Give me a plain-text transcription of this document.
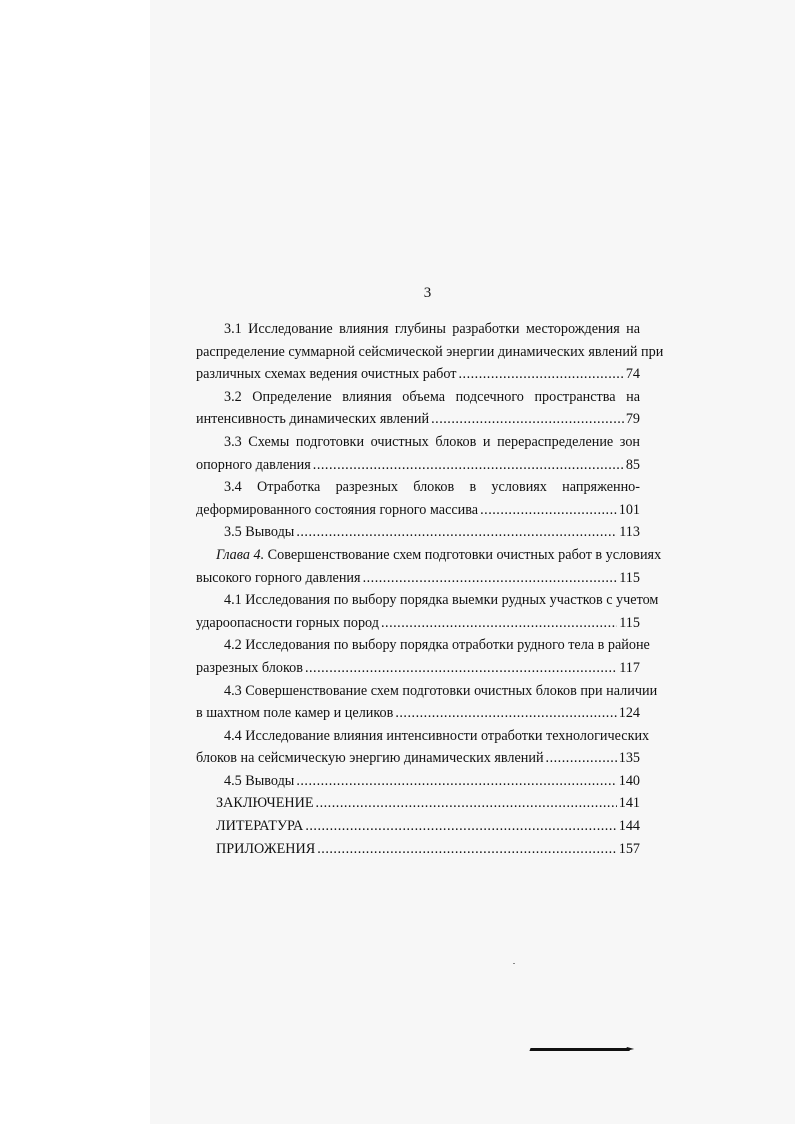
3
3.1 Исследование влияния глубины разработки месторождения на
распределение суммарной сейсмической энергии динамических явлений при
различных схемах ведения очистных работ .....	74
3.2 Определение влияния объема подсечного пространства на
интенсивность динамических явлений .....	79
3.3 Схемы подготовки очистных блоков и перераспределение зон
опорного давления .....	85
3.4 Отработка разрезных блоков в условиях напряженно-
деформированного состояния горного массива .....	101
3.5 Выводы .....	113
Глава 4. Совершенствование схем подготовки очистных работ в условиях
высокого горного давления .....	115
4.1 Исследования по выбору порядка выемки рудных участков с учетом
удароопасности горных пород .....	115
4.2 Исследования по выбору порядка отработки рудного тела в районе
разрезных блоков .....	117
4.3 Совершенствование схем подготовки очистных блоков при наличии
в шахтном поле камер и целиков .....	124
4.4 Исследование влияния интенсивности отработки технологических
блоков на сейсмическую энергию динамических явлений .....	135
4.5 Выводы .....	140
ЗАКЛЮЧЕНИЕ .....	141
ЛИТЕРАТУРА .....	144
ПРИЛОЖЕНИЯ .....	157
